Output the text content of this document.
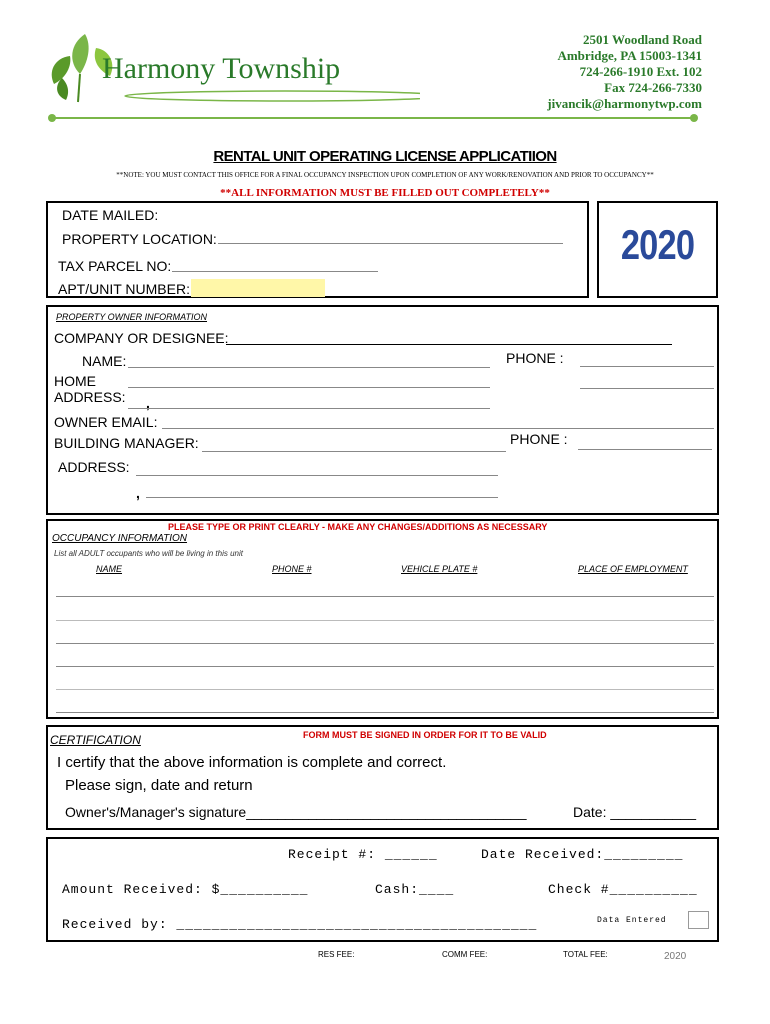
Harmony Township
2501 Woodland Road
Ambridge, PA 15003-1341
724-266-1910 Ext. 102
Fax 724-266-7330
jivancik@harmonytwp.com
RENTAL UNIT OPERATING LICENSE APPLICATIION
**NOTE: YOU MUST CONTACT THIS OFFICE FOR A FINAL OCCUPANCY INSPECTION UPON COMPLETION OF ANY WORK/RENOVATION AND PRIOR TO OCCUPANCY**
**ALL INFORMATION MUST BE FILLED OUT COMPLETELY**
DATE MAILED:
PROPERTY LOCATION:
TAX PARCEL NO:
APT/UNIT NUMBER:
2020
PROPERTY OWNER INFORMATION
COMPANY OR DESIGNEE:
NAME:	PHONE :
HOME
ADDRESS: ,
OWNER EMAIL:
BUILDING MANAGER:	PHONE :
ADDRESS:
,
PLEASE TYPE OR PRINT CLEARLY - MAKE ANY CHANGES/ADDITIONS AS NECESSARY
OCCUPANCY INFORMATION
List all ADULT occupants who will be living in this unit
NAME	PHONE #	VEHICLE PLATE #	PLACE OF EMPLOYMENT
CERTIFICATION	FORM MUST BE SIGNED IN ORDER FOR IT TO BE VALID
I certify that the above information is complete and correct.
Please sign, date and return
Owner's/Manager's signature____________________________________	Date: ___________
Receipt #: ______	Date Received:_________
Amount Received: $__________	Cash:____	Check #__________
Received by: _________________________________________	Data Entered
RES FEE:	COMM FEE:	TOTAL FEE:	2020
